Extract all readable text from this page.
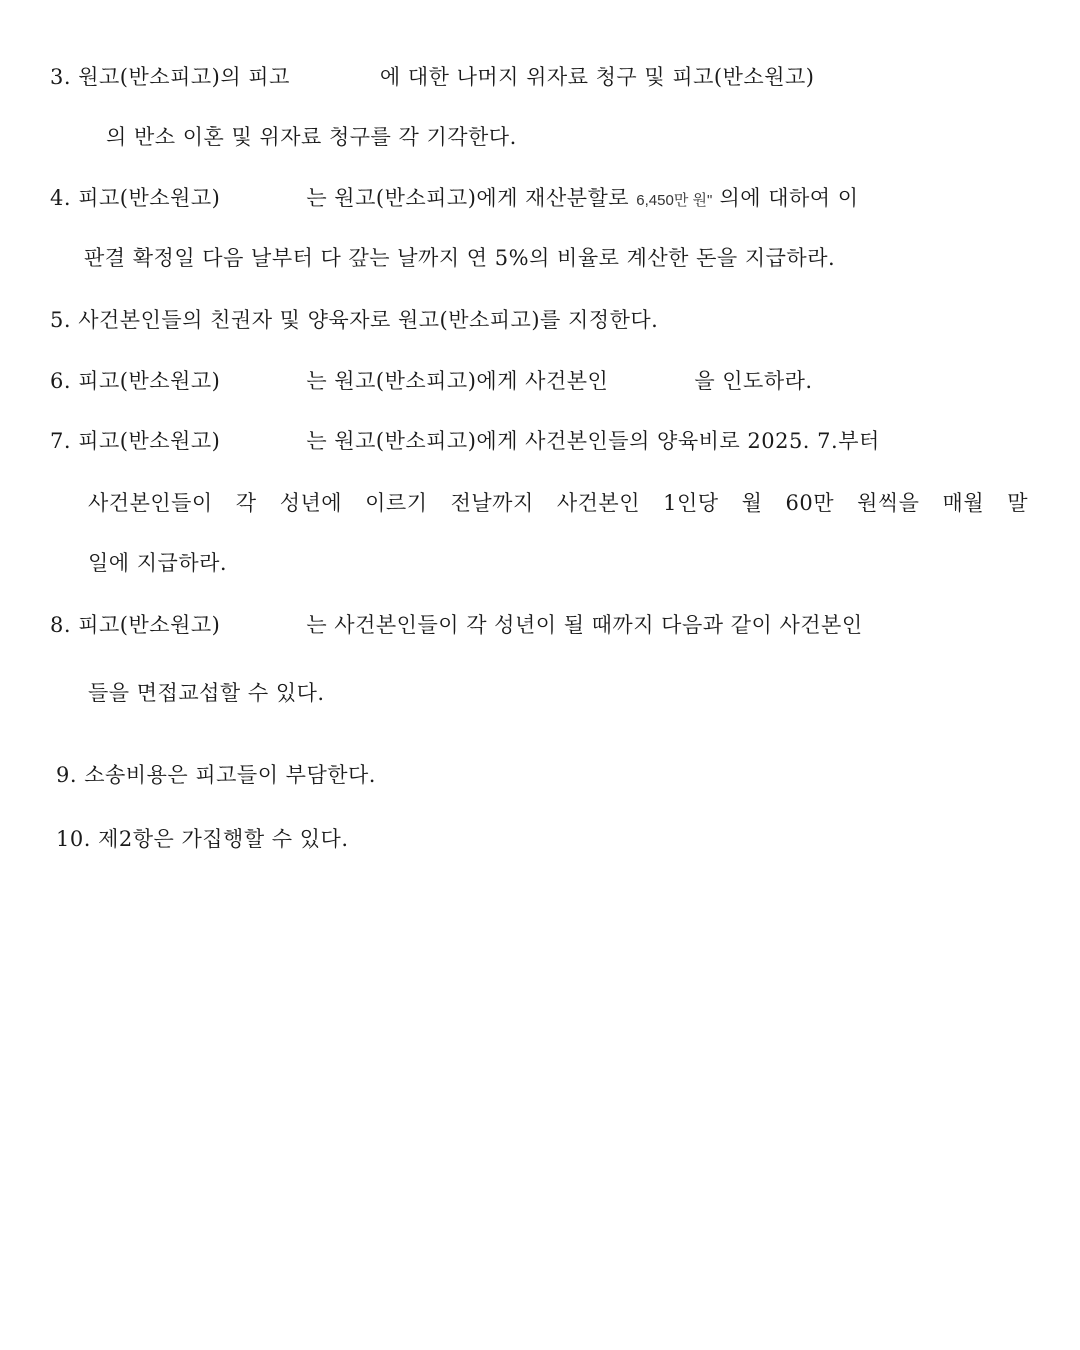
3. 원고(반소피고)의 피고	에 대한 나머지 위자료 청구 및 피고(반소원고)
의 반소 이혼 및 위자료 청구를 각 기각한다.
4. 피고(반소원고)	는 원고(반소피고)에게 재산분할로 6,450만 원" 의에 대하여 이
판결 확정일 다음 날부터 다 갚는 날까지 연 5%의 비율로 계산한 돈을 지급하라.
5. 사건본인들의 친권자 및 양육자로 원고(반소피고)를 지정한다.
6. 피고(반소원고)	는 원고(반소피고)에게 사건본인	을 인도하라.
7. 피고(반소원고)	는 원고(반소피고)에게 사건본인들의 양육비로 2025. 7.부터
사건본인들이 각 성년에 이르기 전날까지 사건본인 1인당 월 60만 원씩을 매월 말
일에 지급하라.
8. 피고(반소원고)	는 사건본인들이 각 성년이 될 때까지 다음과 같이 사건본인
들을 면접교섭할 수 있다.
9. 소송비용은 피고들이 부담한다.
10. 제2항은 가집행할 수 있다.
